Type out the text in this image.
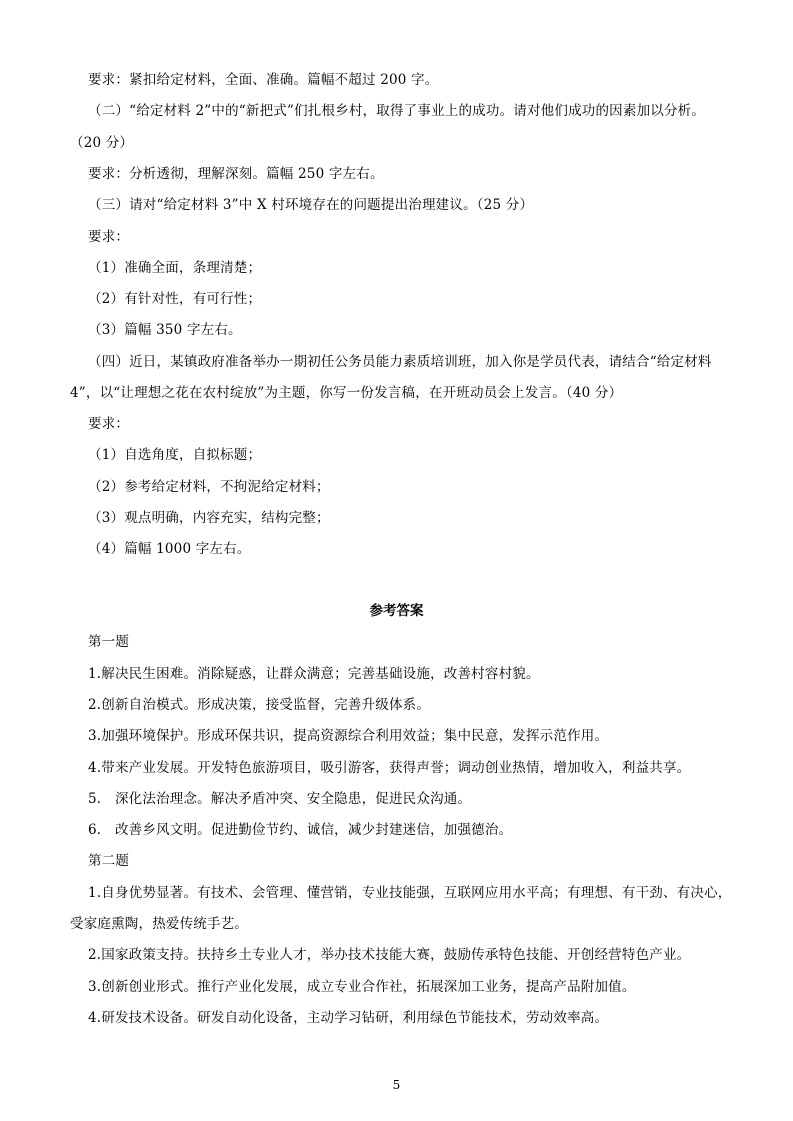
要求：紧扣给定材料，全面、准确。篇幅不超过 200 字。
（二）“给定材料 2”中的“新把式”们扎根乡村，取得了事业上的成功。请对他们成功的因素加以分析。
（20 分）
要求：分析透彻，理解深刻。篇幅 250 字左右。
（三）请对“给定材料 3”中 X 村环境存在的问题提出治理建议。（25 分）
要求：
（1）准确全面，条理清楚；
（2）有针对性，有可行性；
（3）篇幅 350 字左右。
（四）近日，某镇政府准备举办一期初任公务员能力素质培训班，加入你是学员代表，请结合“给定材料
4”，以“让理想之花在农村绽放”为主题，你写一份发言稿，在开班动员会上发言。（40 分）
要求：
（1）自选角度，自拟标题；
（2）参考给定材料，不拘泥给定材料；
（3）观点明确，内容充实，结构完整；
（4）篇幅 1000 字左右。
参考答案
第一题
1.解决民生困难。消除疑惑，让群众满意；完善基础设施，改善村容村貌。
2.创新自治模式。形成决策，接受监督，完善升级体系。
3.加强环境保护。形成环保共识，提高资源综合利用效益；集中民意，发挥示范作用。
4.带来产业发展。开发特色旅游项目，吸引游客，获得声誉；调动创业热情，增加收入，利益共享。
5． 深化法治理念。解决矛盾冲突、安全隐患，促进民众沟通。
6． 改善乡风文明。促进勤俭节约、诚信，减少封建迷信，加强德治。
第二题
1.自身优势显著。有技术、会管理、懂营销，专业技能强，互联网应用水平高；有理想、有干劲、有决心，
受家庭熏陶，热爱传统手艺。
2.国家政策支持。扶持乡土专业人才，举办技术技能大赛，鼓励传承特色技能、开创经营特色产业。
3.创新创业形式。推行产业化发展，成立专业合作社，拓展深加工业务，提高产品附加值。
4.研发技术设备。研发自动化设备，主动学习钻研，利用绿色节能技术，劳动效率高。
5
